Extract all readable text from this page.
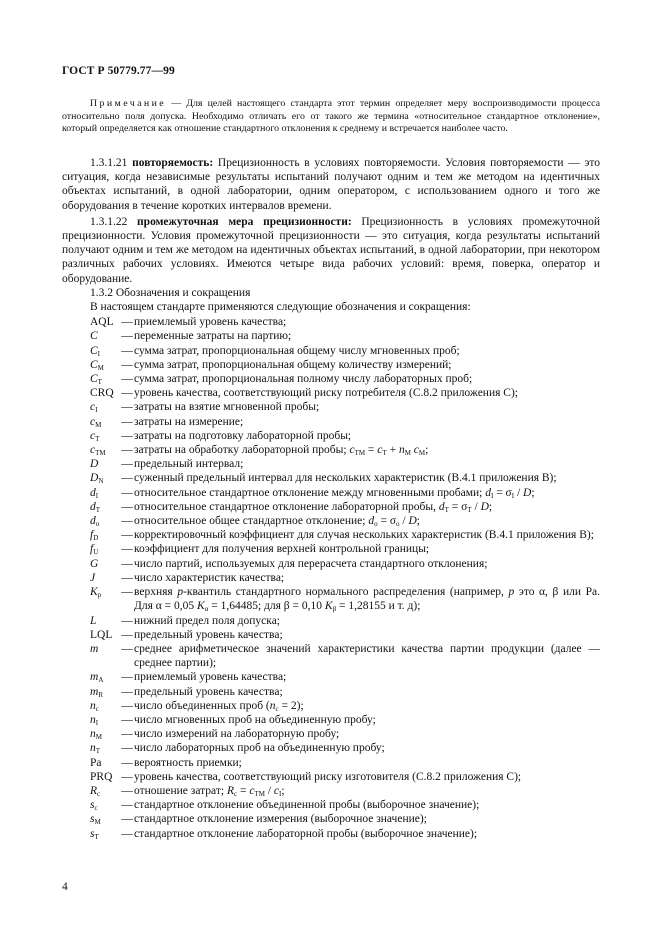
ГОСТ Р 50779.77—99

Примечание — Для целей настоящего стандарта этот термин определяет меру воспроизводимости процесса относительно поля допуска. Необходимо отличать его от такого же термина «относительное стандартное отклонение», который определяется как отношение стандартного отклонения к среднему и встречается наиболее часто.

1.3.1.21 повторяемость: Прецизионность в условиях повторяемости. Условия повторяемости — это ситуация, когда независимые результаты испытаний получают одним и тем же методом на идентичных объектах испытаний, в одной лаборатории, одним оператором, с использованием одного и того же оборудования в течение коротких интервалов времени.

1.3.1.22 промежуточная мера прецизионности: Прецизионность в условиях промежуточной прецизионности. Условия промежуточной прецизионности — это ситуация, когда результаты испытаний получают одним и тем же методом на идентичных объектах испытаний, в одной лаборатории, при некотором различных рабочих условиях. Имеются четыре вида рабочих условий: время, поверка, оператор и оборудование.

1.3.2 Обозначения и сокращения

В настоящем стандарте применяются следующие обозначения и сокращения:

AQL — приемлемый уровень качества;
C	— переменные затраты на партию;
$C_I$	— сумма затрат, пропорциональная общему числу мгновенных проб;
$C_M$	— сумма затрат, пропорциональная общему количеству измерений;
$C_T$	— сумма затрат, пропорциональная полному числу лабораторных проб;
CRQ — уровень качества, соответствующий риску потребителя (С.8.2 приложения С);
$c_I$	— затраты на взятие мгновенной пробы;
$c_M$	— затраты на измерение;
$c_T$	— затраты на подготовку лабораторной пробы;
$c_{TM}$	— затраты на обработку лабораторной пробы; $c_{TM} = c_T + n_M$ $c_M$;
D	— предельный интервал;
$D_N$	— суженный предельный интервал для нескольких характеристик (В.4.1 приложения В);
$d_I$	— относительное стандартное отклонение между мгновенными пробами; $d_I = \sigma_I / D$;
$d_T$	— относительное стандартное отклонение лабораторной пробы, $d_T = \sigma_T / D$;
$d_o$	— относительное общее стандартное отклонение; $d_o = \sigma_o / D$;
$f_D$	— корректировочный коэффициент для случая нескольких характеристик (В.4.1 приложения В);
$f_U$	— коэффициент для получения верхней контрольной границы;
G	— число партий, используемых для перерасчета стандартного отклонения;
J	— число характеристик качества;
$K_p$	— верхняя p-квантиль стандартного нормального распределения (например, p это α, β или Ра. Для α = 0,05 $K_\alpha = 1,64485$; для β = 0,10 $K_\beta = 1,28155$ и т. д);
L	— нижний предел поля допуска;
LQL — предельный уровень качества;
m	— среднее арифметическое значений характеристики качества партии продукции (далее — среднее партии);
$m_A$	— приемлемый уровень качества;
$m_R$	— предельный уровень качества;
$n_c$	— число объединенных проб $(n_c = 2)$;
$n_I$	— число мгновенных проб на объединенную пробу;
$n_M$	— число измерений на лабораторную пробу;
$n_T$	— число лабораторных проб на объединенную пробу;
Pa	— вероятность приемки;
PRQ — уровень качества, соответствующий риску изготовителя (С.8.2 приложения С);
$R_c$	— отношение затрат; $R_c = c_{TM} / c_I$;
$s_c$	— стандартное отклонение объединенной пробы (выборочное значение);
$s_M$	— стандартное отклонение измерения (выборочное значение);
$s_T$	— стандартное отклонение лабораторной пробы (выборочное значение);
4
